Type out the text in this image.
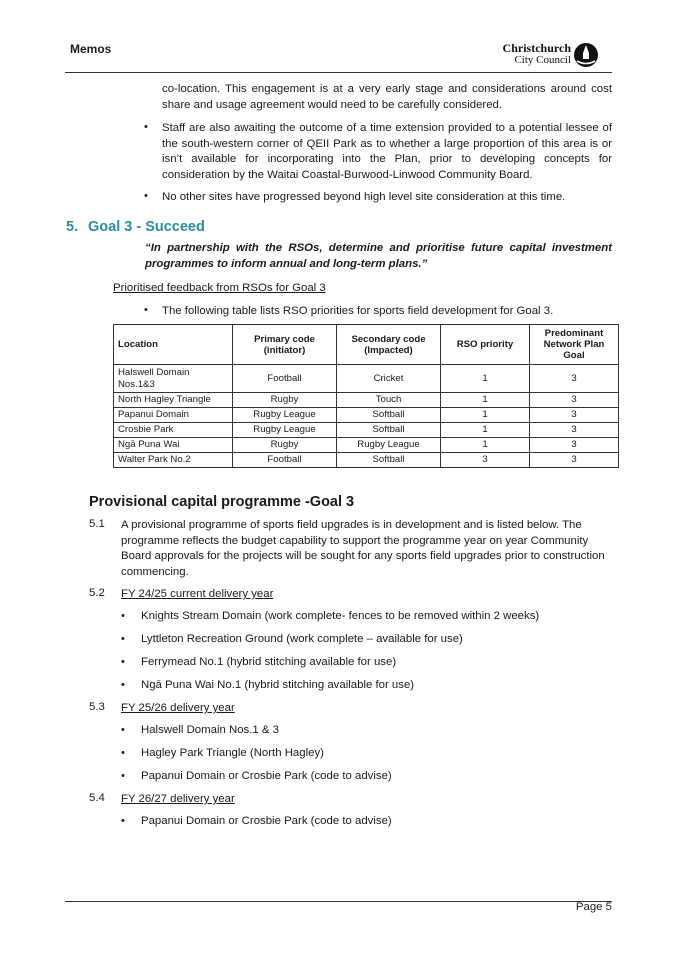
Memos	Christchurch
City Council
co-location. This engagement is at a very early stage and considerations around cost share and usage agreement would need to be carefully considered.
• Staff are also awaiting the outcome of a time extension provided to a potential lessee of the south-western corner of QEII Park as to whether a large proportion of this area is or isn’t available for incorporating into the Plan, prior to developing concepts for consideration by the Waitai Coastal-Burwood-Linwood Community Board.
• No other sites have progressed beyond high level site consideration at this time.
5. Goal 3 - Succeed
“In partnership with the RSOs, determine and prioritise future capital investment programmes to inform annual and long-term plans.”
Prioritised feedback from RSOs for Goal 3
• The following table lists RSO priorities for sports field development for Goal 3.
Location	Primary code (initiator)	Secondary code (Impacted)	RSO priority	Predominant Network Plan Goal
Halswell Domain Nos.1&3	Football	Cricket	1	3
North Hagley Triangle	Rugby	Touch	1	3
Papanui Domain	Rugby League	Softball	1	3
Crosbie Park	Rugby League	Softball	1	3
Ngā Puna Wai	Rugby	Rugby League	1	3
Walter Park No.2	Football	Softball	3	3
Provisional capital programme -Goal 3
5.1 A provisional programme of sports field upgrades is in development and is listed below. The programme reflects the budget capability to support the programme year on year Community Board approvals for the projects will be sought for any sports field upgrades prior to construction commencing.
5.2 FY 24/25 current delivery year
• Knights Stream Domain (work complete- fences to be removed within 2 weeks)
• Lyttleton Recreation Ground (work complete – available for use)
• Ferrymead No.1 (hybrid stitching available for use)
• Ngā Puna Wai No.1 (hybrid stitching available for use)
5.3 FY 25/26 delivery year
• Halswell Domain Nos.1 & 3
• Hagley Park Triangle (North Hagley)
• Papanui Domain or Crosbie Park (code to advise)
5.4 FY 26/27 delivery year
• Papanui Domain or Crosbie Park (code to advise)
Page 5
